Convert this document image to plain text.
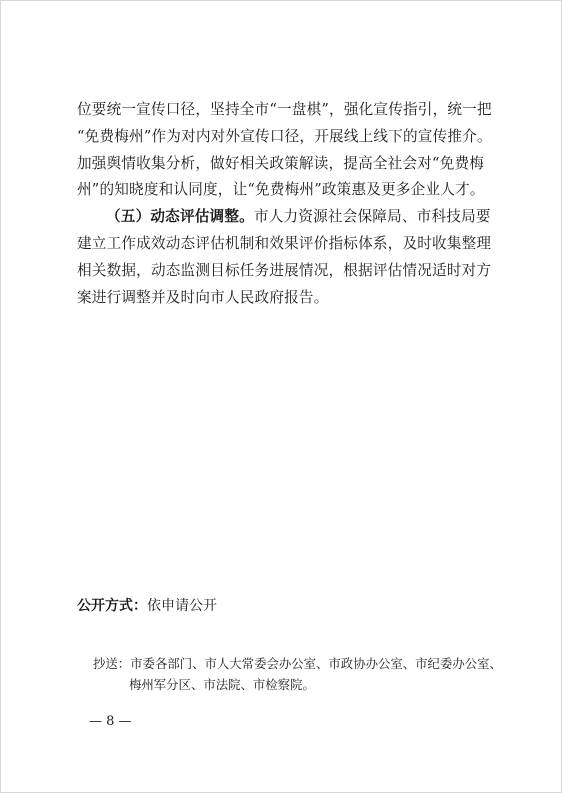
位要统一宣传口径，坚持全市“一盘棋”，强化宣传指引，统一把
“免费梅州”作为对内对外宣传口径，开展线上线下的宣传推介。
加强舆情收集分析，做好相关政策解读，提高全社会对“免费梅
州”的知晓度和认同度，让“免费梅州”政策惠及更多企业人才。
（五）动态评估调整。市人力资源社会保障局、市科技局要
建立工作成效动态评估机制和效果评价指标体系，及时收集整理
相关数据，动态监测目标任务进展情况，根据评估情况适时对方
案进行调整并及时向市人民政府报告。
公开方式：依申请公开
抄送：市委各部门、市人大常委会办公室、市政协办公室、市纪委办公室、
梅州军分区、市法院、市检察院。
— 8 —
